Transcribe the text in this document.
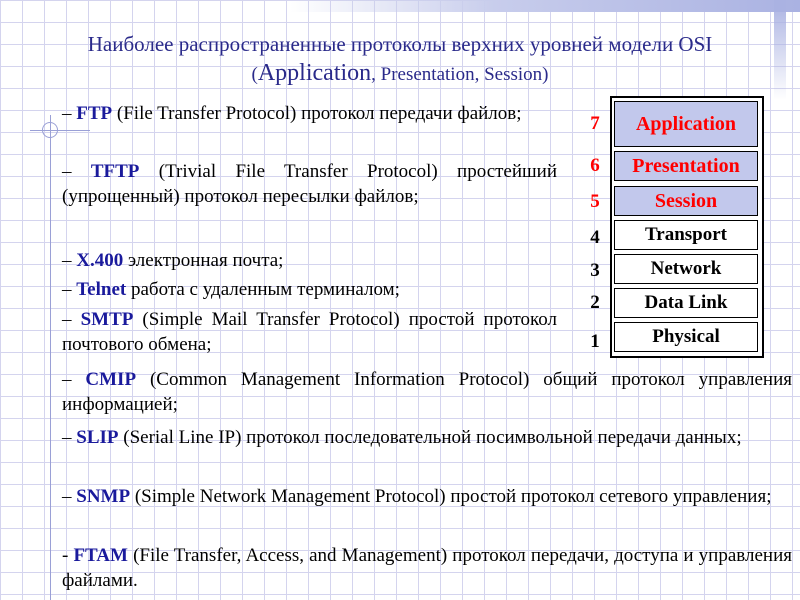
Наиболее распространенные протоколы верхних уровней модели OSI
(Application, Presentation, Session)

– FTP (File Transfer Protocol) протокол передачи файлов;

– TFTP (Trivial File Transfer Protocol) простейший (упрощенный) протокол пересылки файлов;

– X.400 электронная почта;

– Telnet работа с удаленным терминалом;

– SMTP (Simple Mail Transfer Protocol) простой протокол почтового обмена;

– CMIP (Common Management Information Protocol) общий протокол управления информацией;

– SLIP (Serial Line IP) протокол последовательной посимвольной передачи данных;

– SNMP (Simple Network Management Protocol) простой протокол сетевого управления;

- FTAM (File Transfer, Access, and Management) протокол передачи, доступа и управления файлами.

7	Application
6	Presentation
5	Session
4	Transport
3	Network
2	Data Link
1	Physical
